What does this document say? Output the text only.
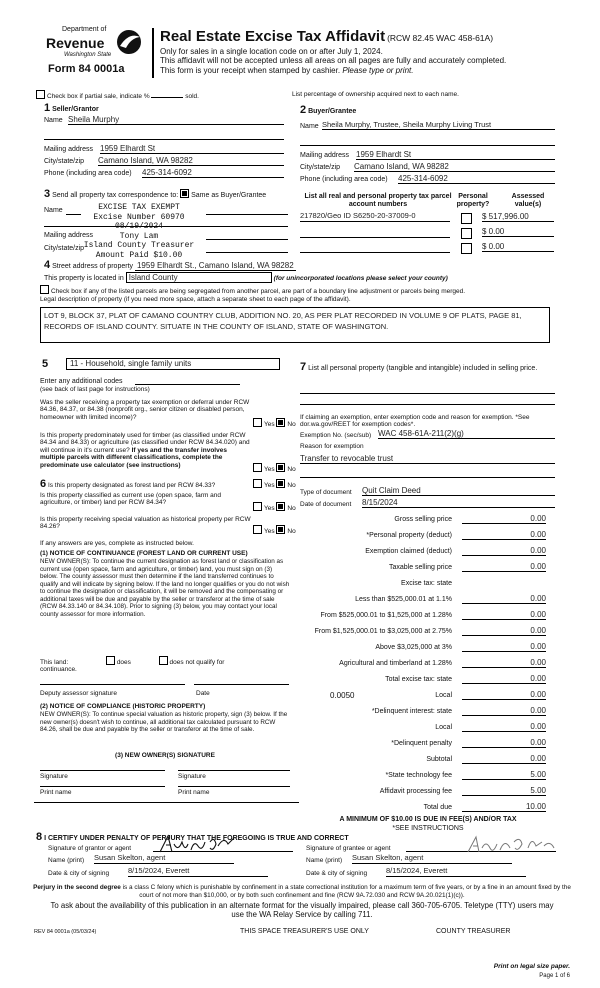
Department of
Revenue
Washington State
Form 84 0001a
Real Estate Excise Tax Affidavit (RCW 82.45 WAC 458-61A)
Only for sales in a single location code on or after July 1, 2024.
This affidavit will not be accepted unless all areas on all pages are fully and accurately completed.
This form is your receipt when stamped by cashier. Please type or print.
Check box if partial sale, indicate %	sold.	List percentage of ownership acquired next to each name.
1 Seller/Grantor
Name Sheila Murphy
Mailing address 1959 Elhardt St
City/state/zip Camano Island, WA 98282
Phone (including area code) 425-314-6092
2 Buyer/Grantee
Name Sheila Murphy, Trustee, Sheila Murphy Living Trust
Mailing address 1959 Elhardt St
City/state/zip Camano Island, WA 98282
Phone (including area code) 425-314-6092
3 Send all property tax correspondence to: Same as Buyer/Grantee
Name
Mailing address
City/state/zip
EXCISE TAX EXEMPT
Excise Number 60970
08/19/2024
Tony Lam
Island County Treasurer
Amount Paid $10.00
List all real and personal property tax parcel account numbers
Personal property?
Assessed value(s)
217820/Geo ID S6250-20-37009-0	$ 517,996.00
$ 0.00
$ 0.00
4 Street address of property 1959 Elhardt St., Camano Island, WA 98282
This property is located in Island County	(for unincorporated locations please select your county)
Check box if any of the listed parcels are being segregated from another parcel, are part of a boundary line adjustment or parcels being merged.
Legal description of property (if you need more space, attach a separate sheet to each page of the affidavit).
LOT 9, BLOCK 37, PLAT OF CAMANO COUNTRY CLUB, ADDITION NO. 20, AS PER PLAT RECORDED IN VOLUME 9 OF PLATS, PAGE 81, RECORDS OF ISLAND COUNTY. SITUATE IN THE COUNTY OF ISLAND, STATE OF WASHINGTON.
5	11 - Household, single family units
Enter any additional codes
(see back of last page for instructions)
Was the seller receiving a property tax exemption or deferral under RCW 84.36, 84.37, or 84.38 (nonprofit org., senior citizen or disabled person, homeowner with limited income)?
Yes No
Is this property predominately used for timber (as classified under RCW 84.34 and 84.33) or agriculture (as classified under RCW 84.34.020) and will continue in it's current use? If yes and the transfer involves multiple parcels with different classifications, complete the predominate use calculator (see instructions)
Yes No
6 Is this property designated as forest land per RCW 84.33?	Yes No
Is this property classified as current use (open space, farm and agriculture, or timber) land per RCW 84.34?
Yes No
Is this property receiving special valuation as historical property per RCW 84.26?
Yes No
If any answers are yes, complete as instructed below.
(1) NOTICE OF CONTINUANCE (FOREST LAND OR CURRENT USE)
NEW OWNER(S): To continue the current designation as forest land or classification as current use (open space, farm and agriculture, or timber) land, you must sign on (3) below. The county assessor must then determine if the land transferred continues to qualify and will indicate by signing below. If the land no longer qualifies or you do not wish to continue the designation or classification, it will be removed and the compensating or additional taxes will be due and payable by the seller or transferor at the time of sale (RCW 84.33.140 or 84.34.108). Prior to signing (3) below, you may contact your local county assessor for more information.
This land:	does	does not qualify for
continuance.
Deputy assessor signature	Date
(2) NOTICE OF COMPLIANCE (HISTORIC PROPERTY)
NEW OWNER(S): To continue special valuation as historic property, sign (3) below. If the new owner(s) doesn't wish to continue, all additional tax calculated pursuant to RCW 84.26, shall be due and payable by the seller or transferor at the time of sale.
(3) NEW OWNER(S) SIGNATURE
Signature	Signature
Print name	Print name
7 List all personal property (tangible and intangible) included in selling price.
If claiming an exemption, enter exemption code and reason for exemption. *See dor.wa.gov/REET for exemption codes*.
Exemption No. (sec/sub) WAC 458-61A-211(2)(g)
Reason for exemption
Transfer to revocable trust
Type of document Quit Claim Deed
Date of document 8/15/2024
Gross selling price	0.00
*Personal property (deduct)	0.00
Exemption claimed (deduct)	0.00
Taxable selling price	0.00
Excise tax: state
Less than $525,000.01 at 1.1%	0.00
From $525,000.01 to $1,525,000 at 1.28%	0.00
From $1,525,000.01 to $3,025,000 at 2.75%	0.00
Above $3,025,000 at 3%	0.00
Agricultural and timberland at 1.28%	0.00
Total excise tax: state	0.00
0.0050	Local	0.00
*Delinquent interest: state	0.00
Local	0.00
*Delinquent penalty	0.00
Subtotal	0.00
*State technology fee	5.00
Affidavit processing fee	5.00
Total due	10.00
A MINIMUM OF $10.00 IS DUE IN FEE(S) AND/OR TAX
*SEE INSTRUCTIONS
8 I CERTIFY UNDER PENALTY OF PERJURY THAT THE FOREGOING IS TRUE AND CORRECT
Signature of grantor or agent	Signature of grantee or agent
Name (print) Susan Skelton, agent	Name (print) Susan Skelton, agent
Date & city of signing	8/15/2024, Everett	Date & city of signing	8/15/2024, Everett
Perjury in the second degree is a class C felony which is punishable by confinement in a state correctional institution for a maximum term of five years, or by a fine in an amount fixed by the court of not more than $10,000, or by both such confinement and fine (RCW 9A.72.030 and RCW 9A.20.021(1)(c)).
To ask about the availability of this publication in an alternate format for the visually impaired, please call 360-705-6705. Teletype (TTY) users may use the WA Relay Service by calling 711.
REV 84 0001a (05/03/24)	THIS SPACE TREASURER'S USE ONLY	COUNTY TREASURER
Print on legal size paper.
Page 1 of 6
